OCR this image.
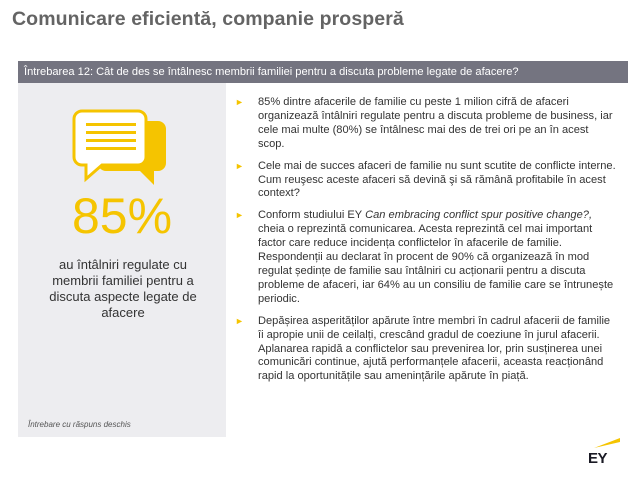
Comunicare eficientă, companie prosperă
Întrebarea 12: Cât de des se întâlnesc membrii familiei pentru a discuta probleme legate de afacere?
85%
au întâlniri regulate cu membrii familiei pentru a discuta aspecte legate de afacere
Întrebare cu răspuns deschis
► 85% dintre afacerile de familie cu peste 1 milion cifră de afaceri organizează întâlniri regulate pentru a discuta probleme de business, iar cele mai multe (80%) se întâlnesc mai des de trei ori pe an în acest scop.
► Cele mai de succes afaceri de familie nu sunt scutite de conflicte interne. Cum reuşesc aceste afaceri să devină şi să rămână profitabile în acest context?
► Conform studiului EY Can embracing conflict spur positive change?, cheia o reprezintă comunicarea. Acesta reprezintă cel mai important factor care reduce incidența conflictelor în afacerile de familie. Respondenții au declarat în procent de 90% că organizează în mod regulat ședințe de familie sau întâlniri cu acționarii pentru a discuta probleme de afaceri, iar 64% au un consiliu de familie care se întrunește periodic.
► Depășirea asperităților apărute între membri în cadrul afacerii de familie îi apropie unii de ceilalți, crescând gradul de coeziune în jurul afacerii. Aplanarea rapidă a conflictelor sau prevenirea lor, prin susținerea unei comunicări continue, ajută performanțele afacerii, aceasta reacționând rapid la oportunitățile sau amenințările apărute în piață.
EY
